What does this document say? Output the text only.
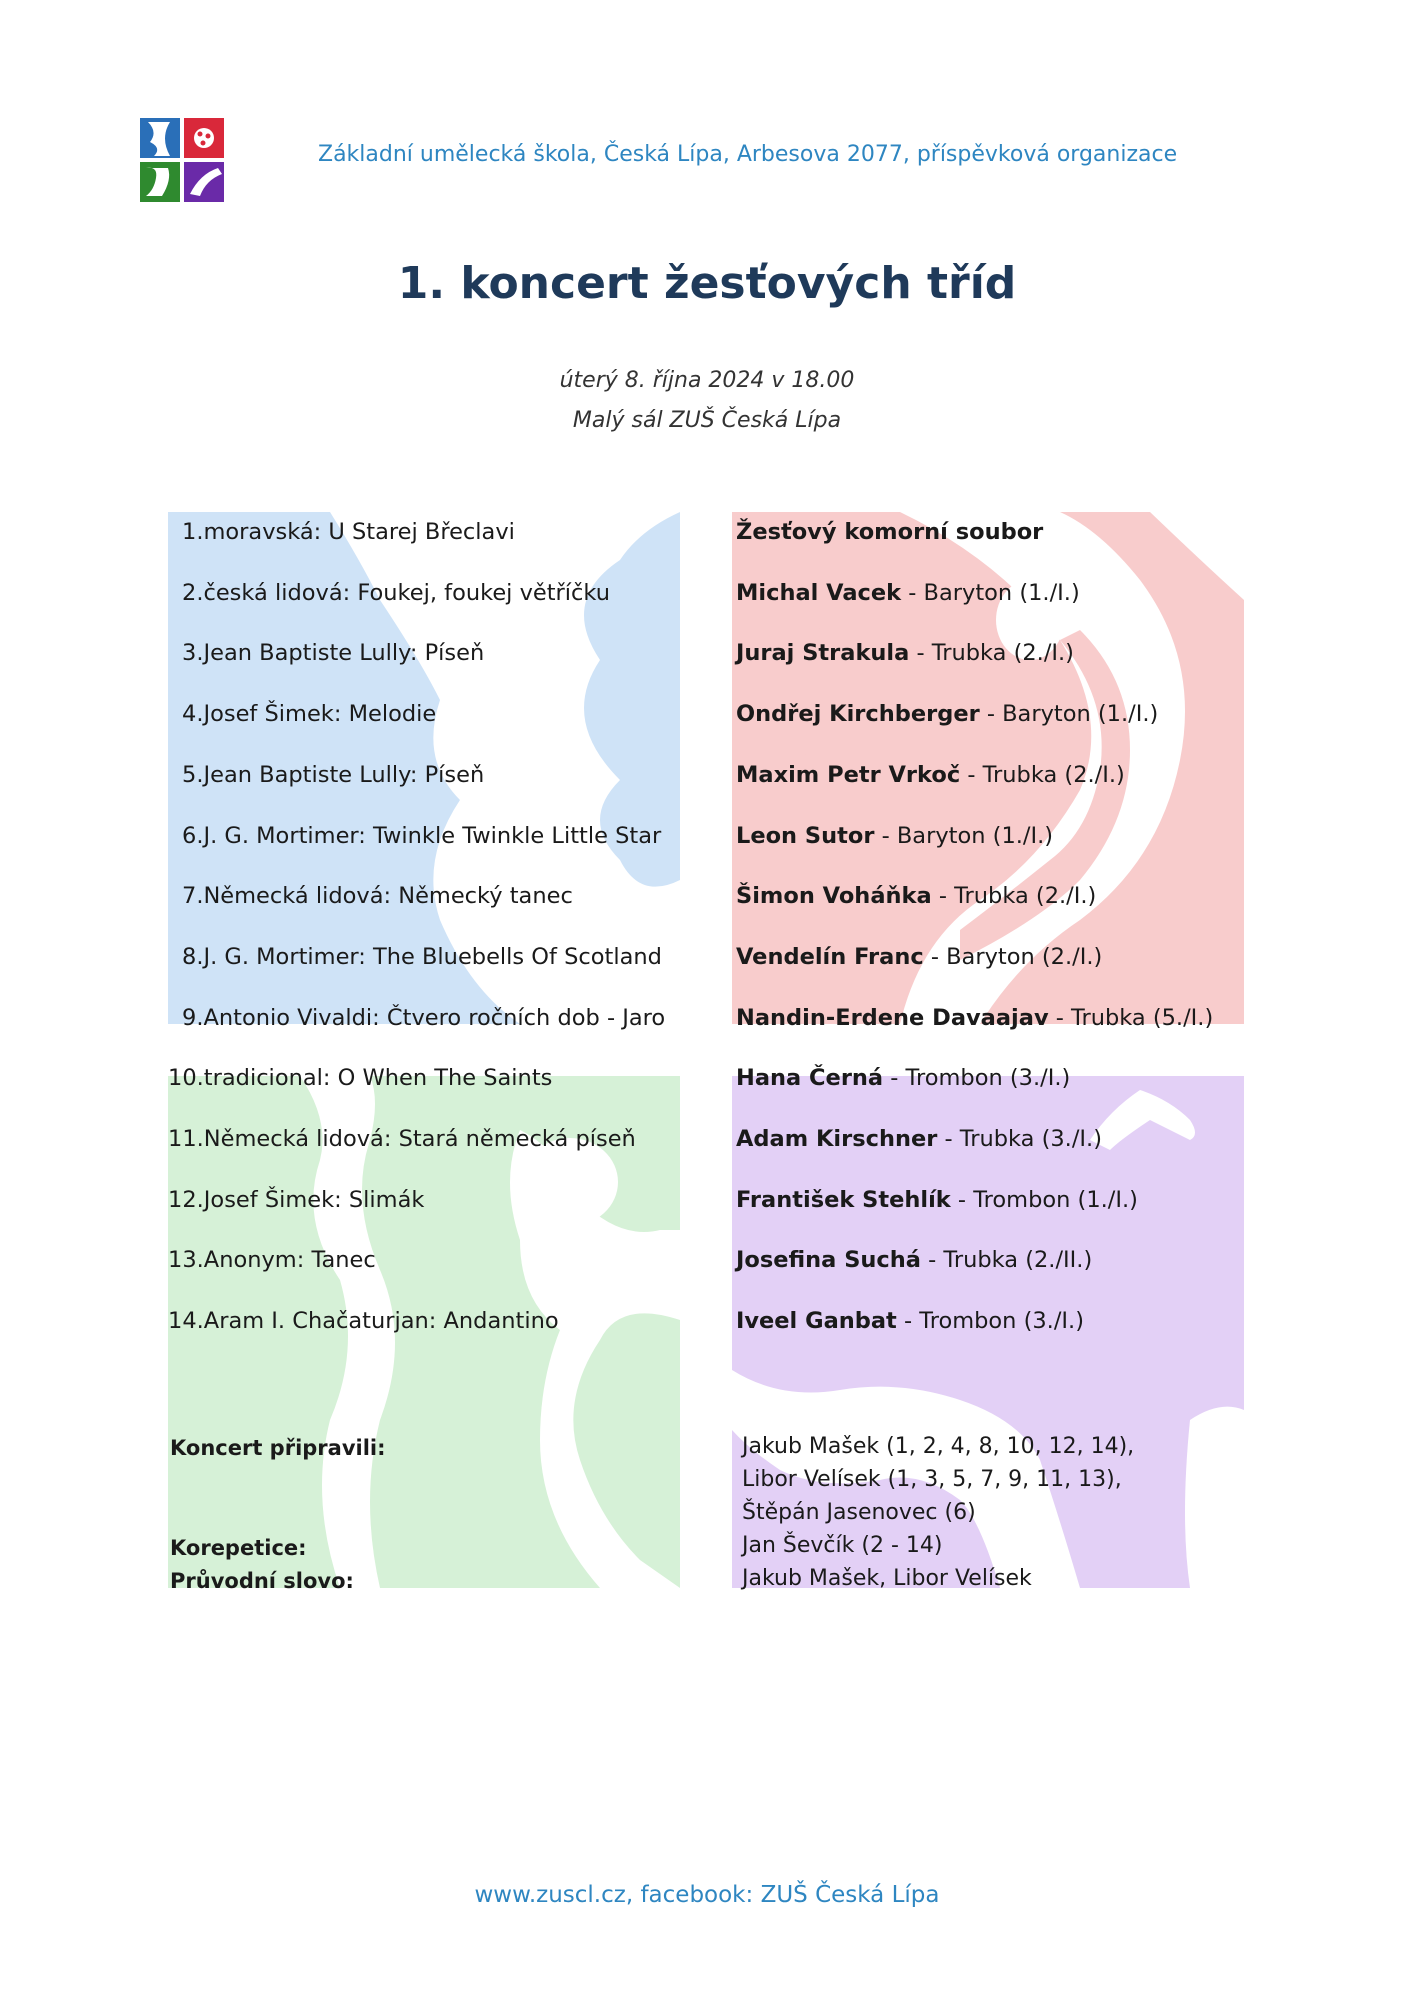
Základní umělecká škola, Česká Lípa, Arbesova 2077, příspěvková organizace
1. koncert žesťových tříd
úterý 8. října 2024 v 18.00
Malý sál ZUŠ Česká Lípa
1.moravská: U Starej Břeclavi
2.česká lidová: Foukej, foukej větříčku
3.Jean Baptiste Lully: Píseň
4.Josef Šimek: Melodie
5.Jean Baptiste Lully: Píseň
6.J. G. Mortimer: Twinkle Twinkle Little Star
7.Německá lidová: Německý tanec
8.J. G. Mortimer: The Bluebells Of Scotland
9.Antonio Vivaldi: Čtvero ročních dob - Jaro
10.tradicional: O When The Saints
11.Německá lidová: Stará německá píseň
12.Josef Šimek: Slimák
13.Anonym: Tanec
14.Aram I. Chačaturjan: Andantino
Žesťový komorní soubor
Michal Vacek - Baryton (1./I.)
Juraj Strakula - Trubka (2./I.)
Ondřej Kirchberger - Baryton (1./I.)
Maxim Petr Vrkoč - Trubka (2./I.)
Leon Sutor - Baryton (1./I.)
Šimon Voháňka - Trubka (2./I.)
Vendelín Franc - Baryton (2./I.)
Nandin-Erdene Davaajav - Trubka (5./I.)
Hana Černá - Trombon (3./I.)
Adam Kirschner - Trubka (3./I.)
František Stehlík - Trombon (1./I.)
Josefina Suchá - Trubka (2./II.)
Iveel Ganbat - Trombon (3./I.)
Koncert připravili:
Korepetice:
Průvodní slovo:
Jakub Mašek (1, 2, 4, 8, 10, 12, 14),
Libor Velísek (1, 3, 5, 7, 9, 11, 13),
Štěpán Jasenovec (6)
Jan Ševčík (2 - 14)
Jakub Mašek, Libor Velísek
www.zuscl.cz, facebook: ZUŠ Česká Lípa
